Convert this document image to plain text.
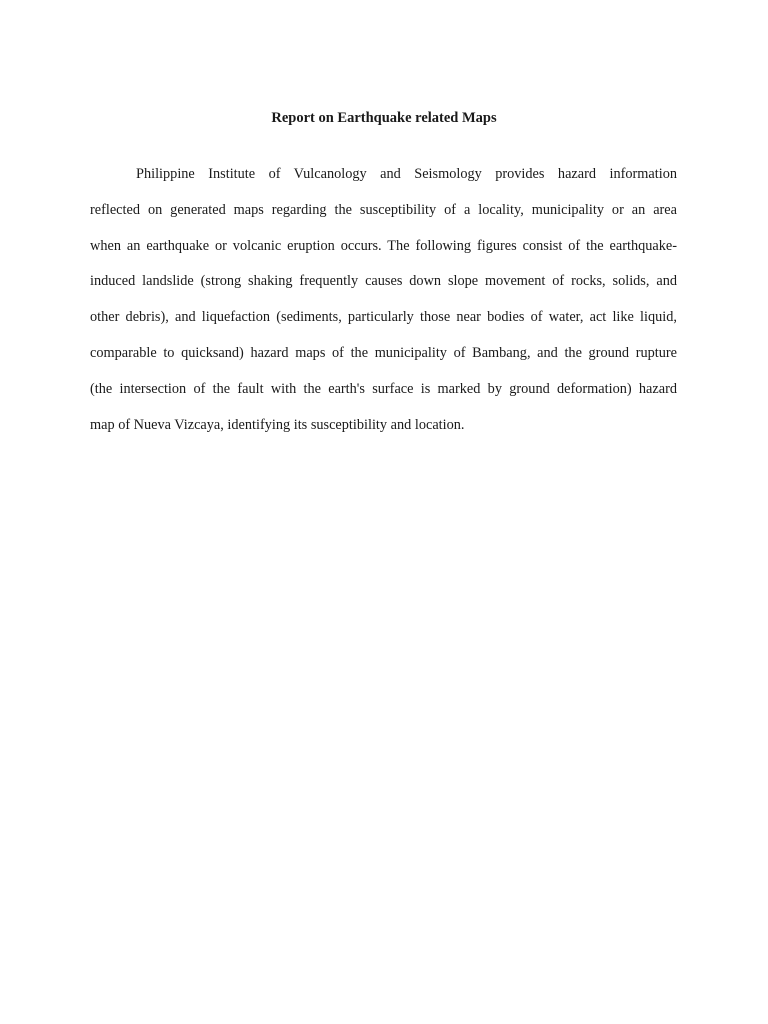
Report on Earthquake related Maps
Philippine Institute of Vulcanology and Seismology provides hazard information
reflected on generated maps regarding the susceptibility of a locality, municipality or an area
when an earthquake or volcanic eruption occurs. The following figures consist of the earthquake-
induced landslide (strong shaking frequently causes down slope movement of rocks, solids, and
other debris), and liquefaction (sediments, particularly those near bodies of water, act like liquid,
comparable to quicksand) hazard maps of the municipality of Bambang, and the ground rupture
(the intersection of the fault with the earth's surface is marked by ground deformation) hazard
map of Nueva Vizcaya, identifying its susceptibility and location.
